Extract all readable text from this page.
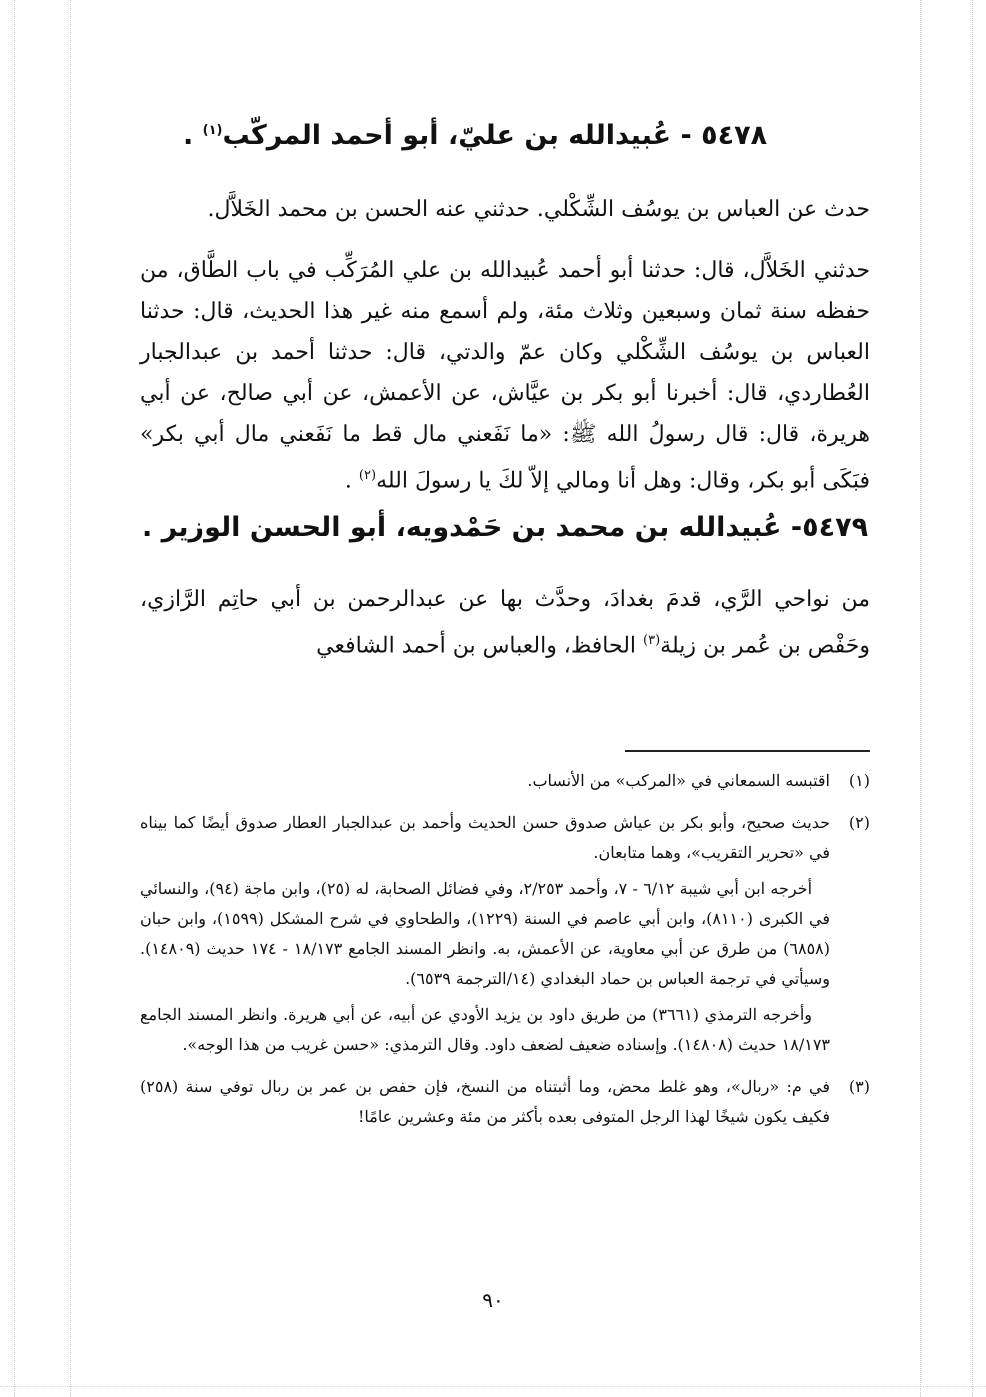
٥٤٧٨ - عُبيدالله بن عليّ، أبو أحمد المركّب$^{(١)}$ .

حدث عن العباس بن يوسُف الشِّكْلي. حدثني عنه الحسن بن محمد الخَلاَّل.

حدثني الخَلاَّل، قال: حدثنا أبو أحمد عُبيدالله بن علي المُرَكِّب في باب الطَّاق، من حفظه سنة ثمان وسبعين وثلاث مئة، ولم أسمع منه غير هذا الحديث، قال: حدثنا العباس بن يوسُف الشِّكْلي وكان عمّ والدتي، قال: حدثنا أحمد بن عبدالجبار العُطاردي، قال: أخبرنا أبو بكر بن عيَّاش، عن الأعمش، عن أبي صالح، عن أبي هريرة، قال: قال رسولُ الله ﷺ: «ما نَفَعني مال قط ما نَفَعني مال أبي بكر» فبَكَى أبو بكر، وقال: وهل أنا ومالي إلاّ لكَ يا رسولَ الله$^{(٢)}$ .

٥٤٧٩- عُبيدالله بن محمد بن حَمْدويه، أبو الحسن الوزير .

من نواحي الرَّي، قدمَ بغدادَ، وحدَّث بها عن عبدالرحمن بن أبي حاتِم الرَّازي، وحَفْص بن عُمر بن زيلة$^{(٣)}$ الحافظ، والعباس بن أحمد الشافعي

(١)

اقتبسه السمعاني في «المركب» من الأنساب.

(٢)

حديث صحيح، وأبو بكر بن عياش صدوق حسن الحديث وأحمد بن عبدالجبار العطار صدوق أيضًا كما بيناه في «تحرير التقريب»، وهما متابعان.

أخرجه ابن أبي شيبة ٦/١٢ - ٧، وأحمد ٢/٢٥٣، وفي فضائل الصحابة، له (٢٥)، وابن ماجة (٩٤)، والنسائي في الكبرى (٨١١٠)، وابن أبي عاصم في السنة (١٢٢٩)، والطحاوي في شرح المشكل (١٥٩٩)، وابن حبان (٦٨٥٨) من طرق عن أبي معاوية، عن الأعمش، به. وانظر المسند الجامع ١٨/١٧٣ - ١٧٤ حديث (١٤٨٠٩). وسيأتي في ترجمة العباس بن حماد البغدادي (١٤/الترجمة ٦٥٣٩).

وأخرجه الترمذي (٣٦٦١) من طريق داود بن يزيد الأودي عن أبيه، عن أبي هريرة. وانظر المسند الجامع ١٨/١٧٣ حديث (١٤٨٠٨). وإسناده ضعيف لضعف داود. وقال الترمذي: «حسن غريب من هذا الوجه».

(٣)

في م: «ربال»، وهو غلط محض، وما أثبتناه من النسخ، فإن حفص بن عمر بن ربال توفي سنة (٢٥٨) فكيف يكون شيخًا لهذا الرجل المتوفى بعده بأكثر من مئة وعشرين عامًا!

٩٠
